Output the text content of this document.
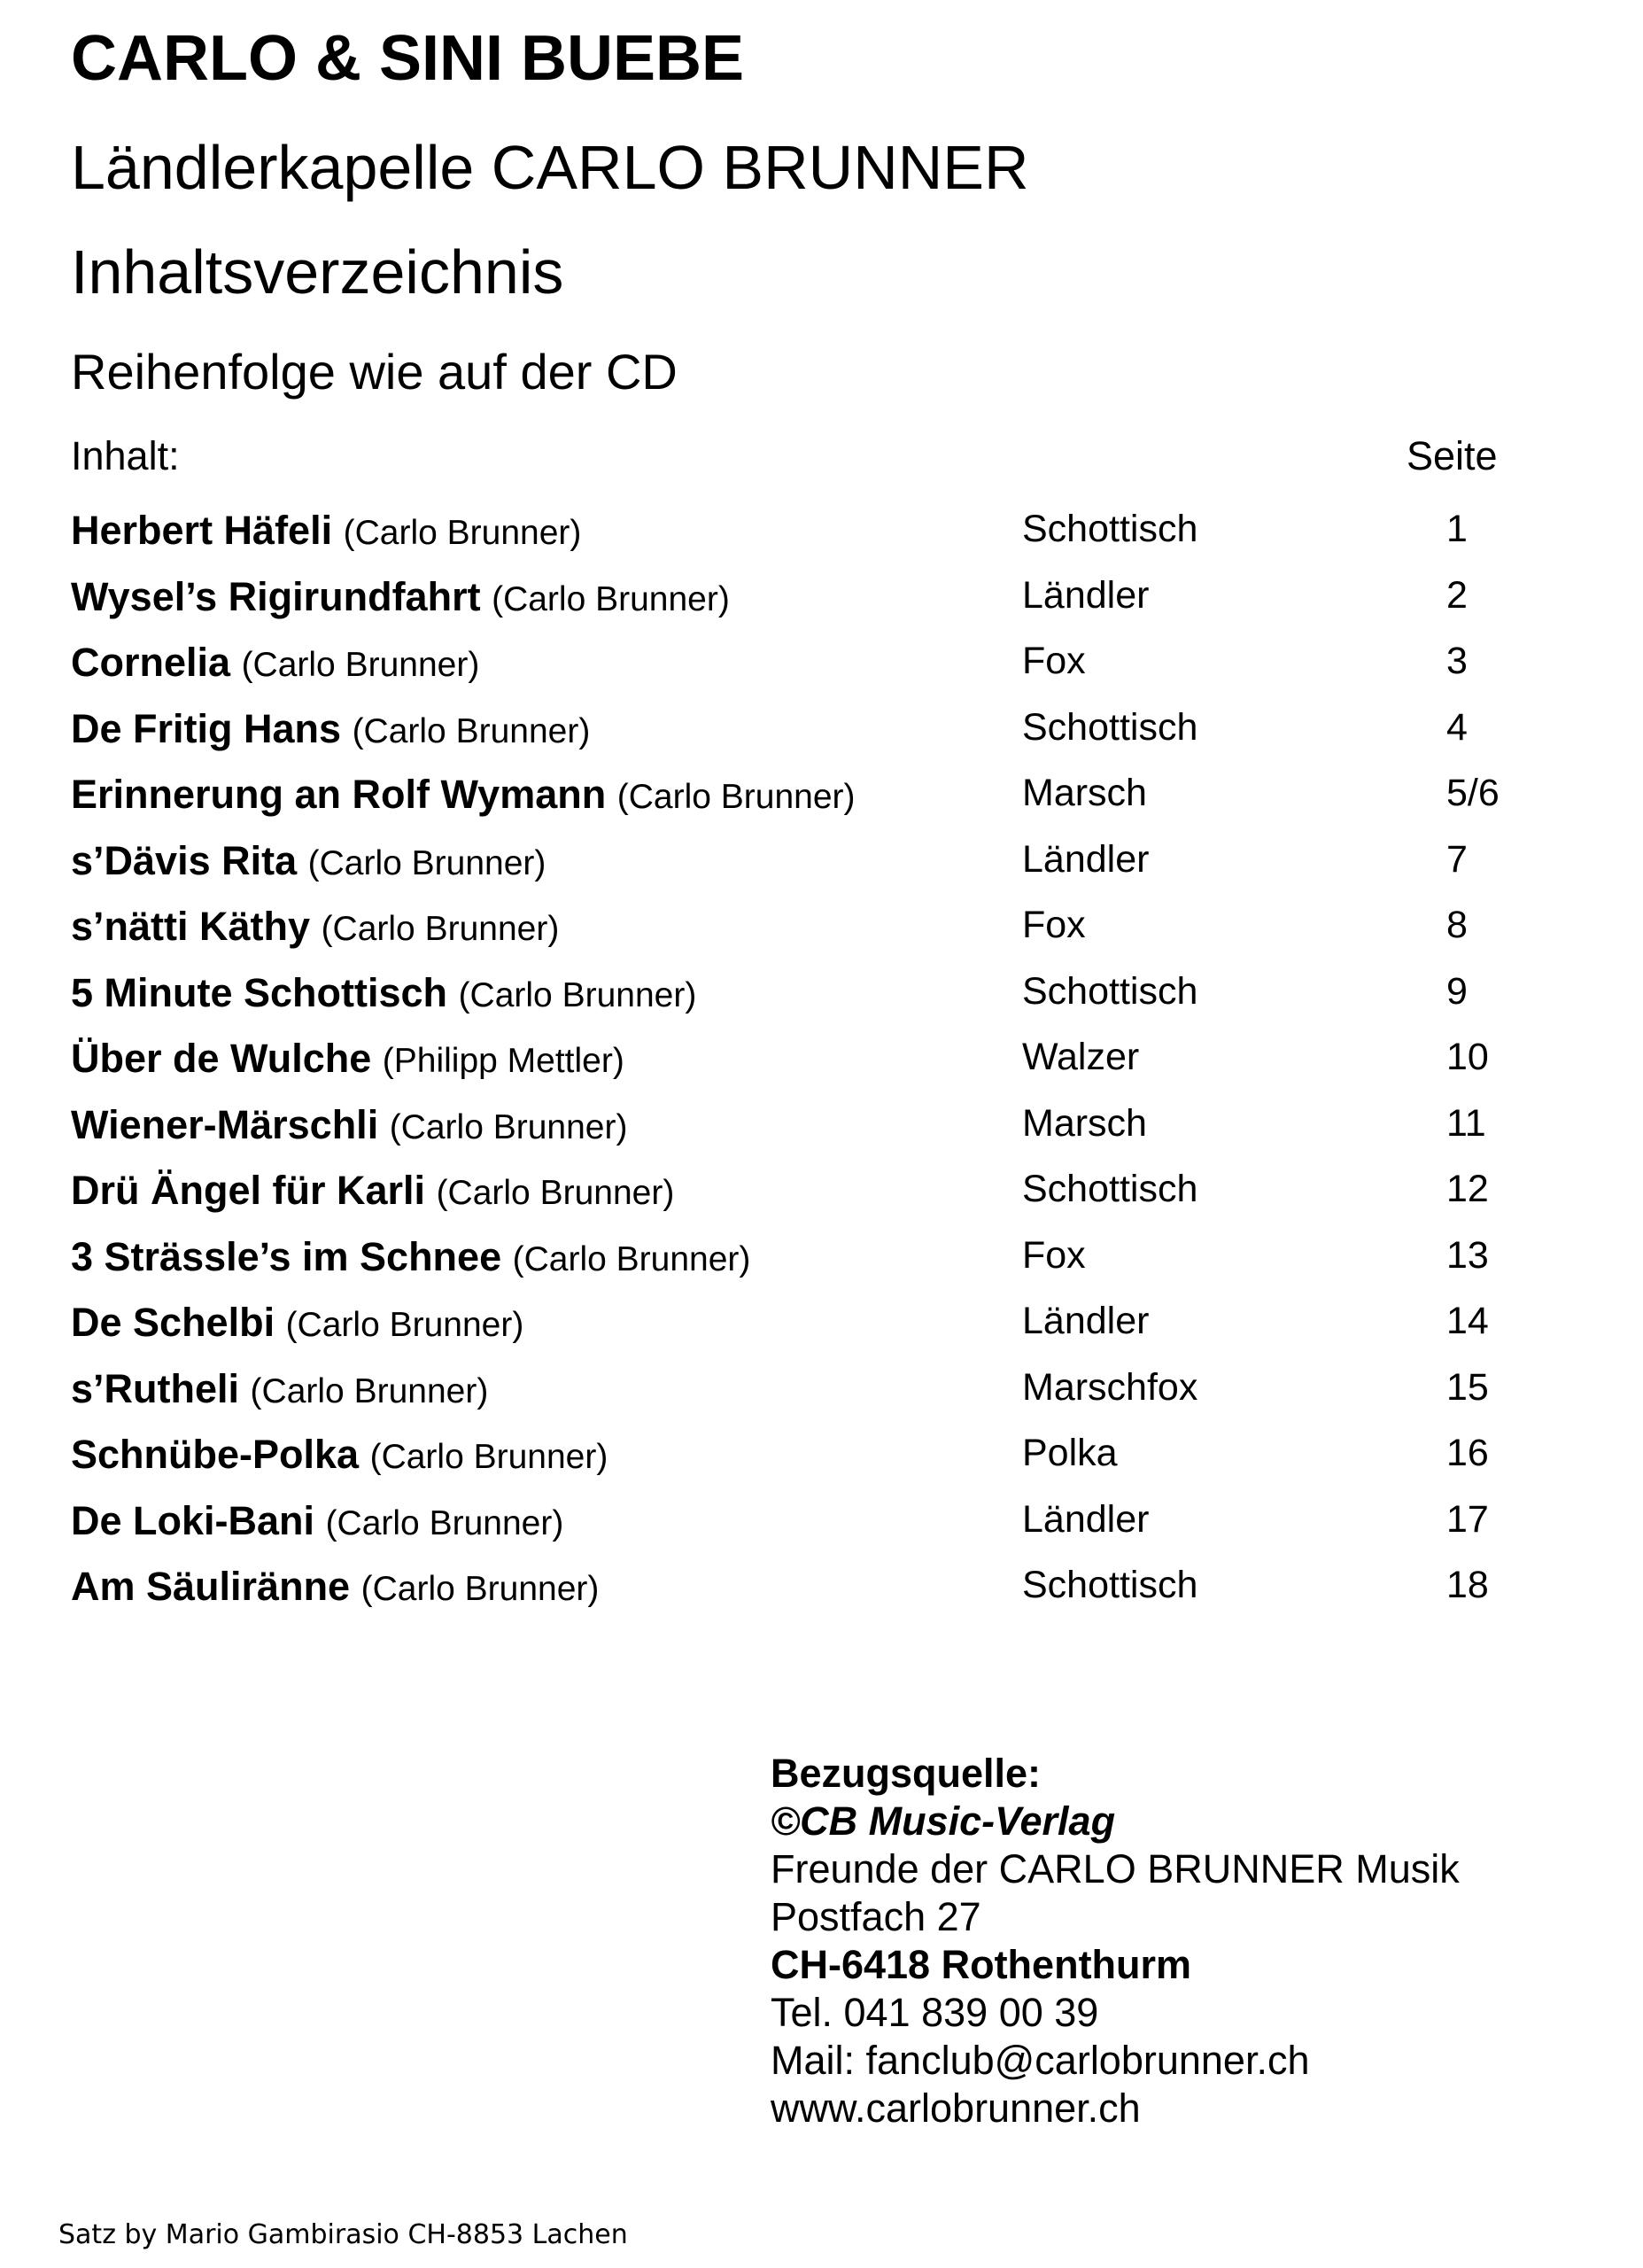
CARLO & SINI BUEBE
Ländlerkapelle CARLO BRUNNER
Inhaltsverzeichnis
Reihenfolge wie auf der CD
Inhalt:	Seite
Herbert Häfeli (Carlo Brunner)	Schottisch	1
Wysel’s Rigirundfahrt (Carlo Brunner)	Ländler	2
Cornelia (Carlo Brunner)	Fox	3
De Fritig Hans (Carlo Brunner)	Schottisch	4
Erinnerung an Rolf Wymann (Carlo Brunner)	Marsch	5/6
s’Dävis Rita (Carlo Brunner)	Ländler	7
s’nätti Käthy (Carlo Brunner)	Fox	8
5 Minute Schottisch (Carlo Brunner)	Schottisch	9
Über de Wulche (Philipp Mettler)	Walzer	10
Wiener-Märschli (Carlo Brunner)	Marsch	11
Drü Ängel für Karli (Carlo Brunner)	Schottisch	12
3 Strässle’s im Schnee (Carlo Brunner)	Fox	13
De Schelbi (Carlo Brunner)	Ländler	14
s’Rutheli (Carlo Brunner)	Marschfox	15
Schnübe-Polka (Carlo Brunner)	Polka	16
De Loki-Bani (Carlo Brunner)	Ländler	17
Am Säuliränne (Carlo Brunner)	Schottisch	18
Bezugsquelle:
©CB Music-Verlag
Freunde der CARLO BRUNNER Musik
Postfach 27
CH-6418 Rothenthurm
Tel. 041 839 00 39
Mail: fanclub@carlobrunner.ch
www.carlobrunner.ch
Satz by Mario Gambirasio CH-8853 Lachen
